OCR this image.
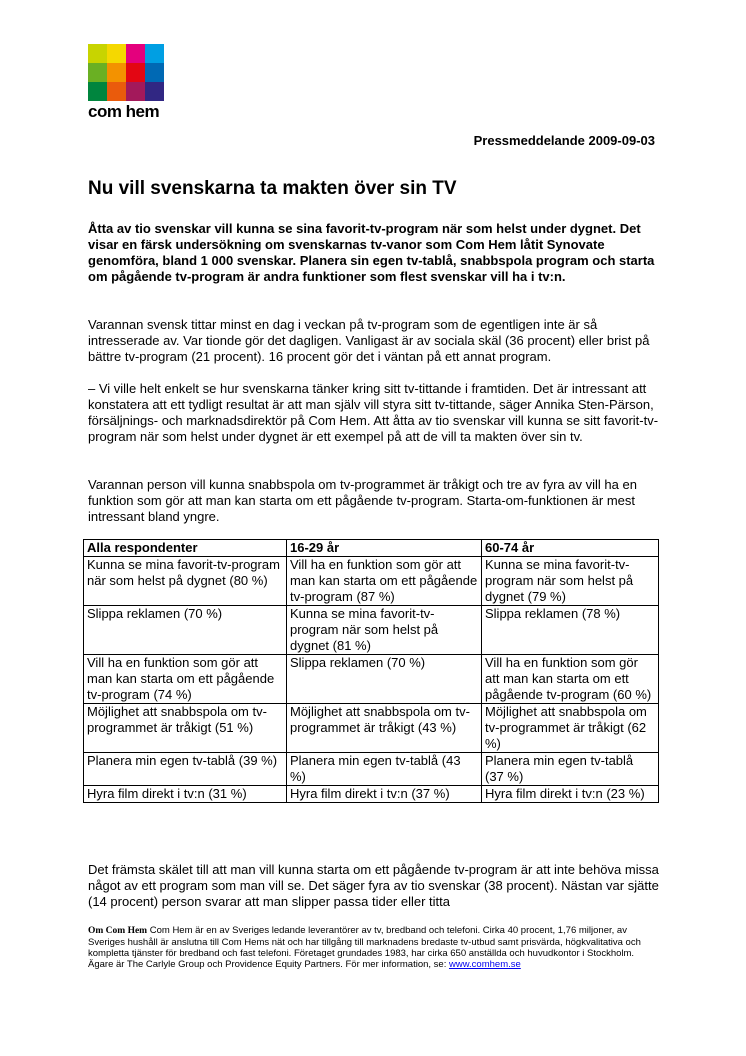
com hem
Pressmeddelande 2009-09-03
Nu vill svenskarna ta makten över sin TV

Åtta av tio svenskar vill kunna se sina favorit-tv-program när som helst under dygnet. Det visar en färsk undersökning om svenskarnas tv-vanor som Com Hem låtit Synovate genomföra, bland 1 000 svenskar. Planera sin egen tv-tablå, snabbspola program och starta om pågående tv-program är andra funktioner som flest svenskar vill ha i tv:n.

Varannan svensk tittar minst en dag i veckan på tv-program som de egentligen inte är så intresserade av. Var tionde gör det dagligen. Vanligast är av sociala skäl (36 procent) eller brist på bättre tv-program (21 procent). 16 procent gör det i väntan på ett annat program.

– Vi ville helt enkelt se hur svenskarna tänker kring sitt tv-tittande i framtiden. Det är intressant att konstatera att ett tydligt resultat är att man själv vill styra sitt tv-tittande, säger Annika Sten-Pärson, försäljnings- och marknadsdirektör på Com Hem. Att åtta av tio svenskar vill kunna se sitt favorit-tv-program när som helst under dygnet är ett exempel på att de vill ta makten över sin tv.

Varannan person vill kunna snabbspola om tv-programmet är tråkigt och tre av fyra av vill ha en funktion som gör att man kan starta om ett pågående tv-program. Starta-om-funktionen är mest intressant bland yngre.

Alla respondenter	16-29 år	60-74 år
Kunna se mina favorit-tv-program när som helst på dygnet (80 %)	Vill ha en funktion som gör att man kan starta om ett pågående tv-program (87 %)	Kunna se mina favorit-tv-program när som helst på dygnet (79 %)
Slippa reklamen (70 %)	Kunna se mina favorit-tv-program när som helst på dygnet (81 %)	Slippa reklamen (78 %)
Vill ha en funktion som gör att man kan starta om ett pågående tv-program (74 %)	Slippa reklamen (70 %)	Vill ha en funktion som gör att man kan starta om ett pågående tv-program (60 %)
Möjlighet att snabbspola om tv-programmet är tråkigt (51 %)	Möjlighet att snabbspola om tv-programmet är tråkigt (43 %)	Möjlighet att snabbspola om tv-programmet är tråkigt (62 %)
Planera min egen tv-tablå (39 %)	Planera min egen tv-tablå (43 %)	Planera min egen tv-tablå (37 %)
Hyra film direkt i tv:n (31 %)	Hyra film direkt i tv:n (37 %)	Hyra film direkt i tv:n (23 %)

Det främsta skälet till att man vill kunna starta om ett pågående tv-program är att inte behöva missa något av ett program som man vill se. Det säger fyra av tio svenskar (38 procent). Nästan var sjätte (14 procent) person svarar att man slipper passa tider eller titta

Om Com Hem Com Hem är en av Sveriges ledande leverantörer av tv, bredband och telefoni. Cirka 40 procent, 1,76 miljoner, av Sveriges hushåll är anslutna till Com Hems nät och har tillgång till marknadens bredaste tv-utbud samt prisvärda, högkvalitativa och kompletta tjänster för bredband och fast telefoni. Företaget grundades 1983, har cirka 650 anställda och huvudkontor i Stockholm. Ägare är The Carlyle Group och Providence Equity Partners. För mer information, se: www.comhem.se
